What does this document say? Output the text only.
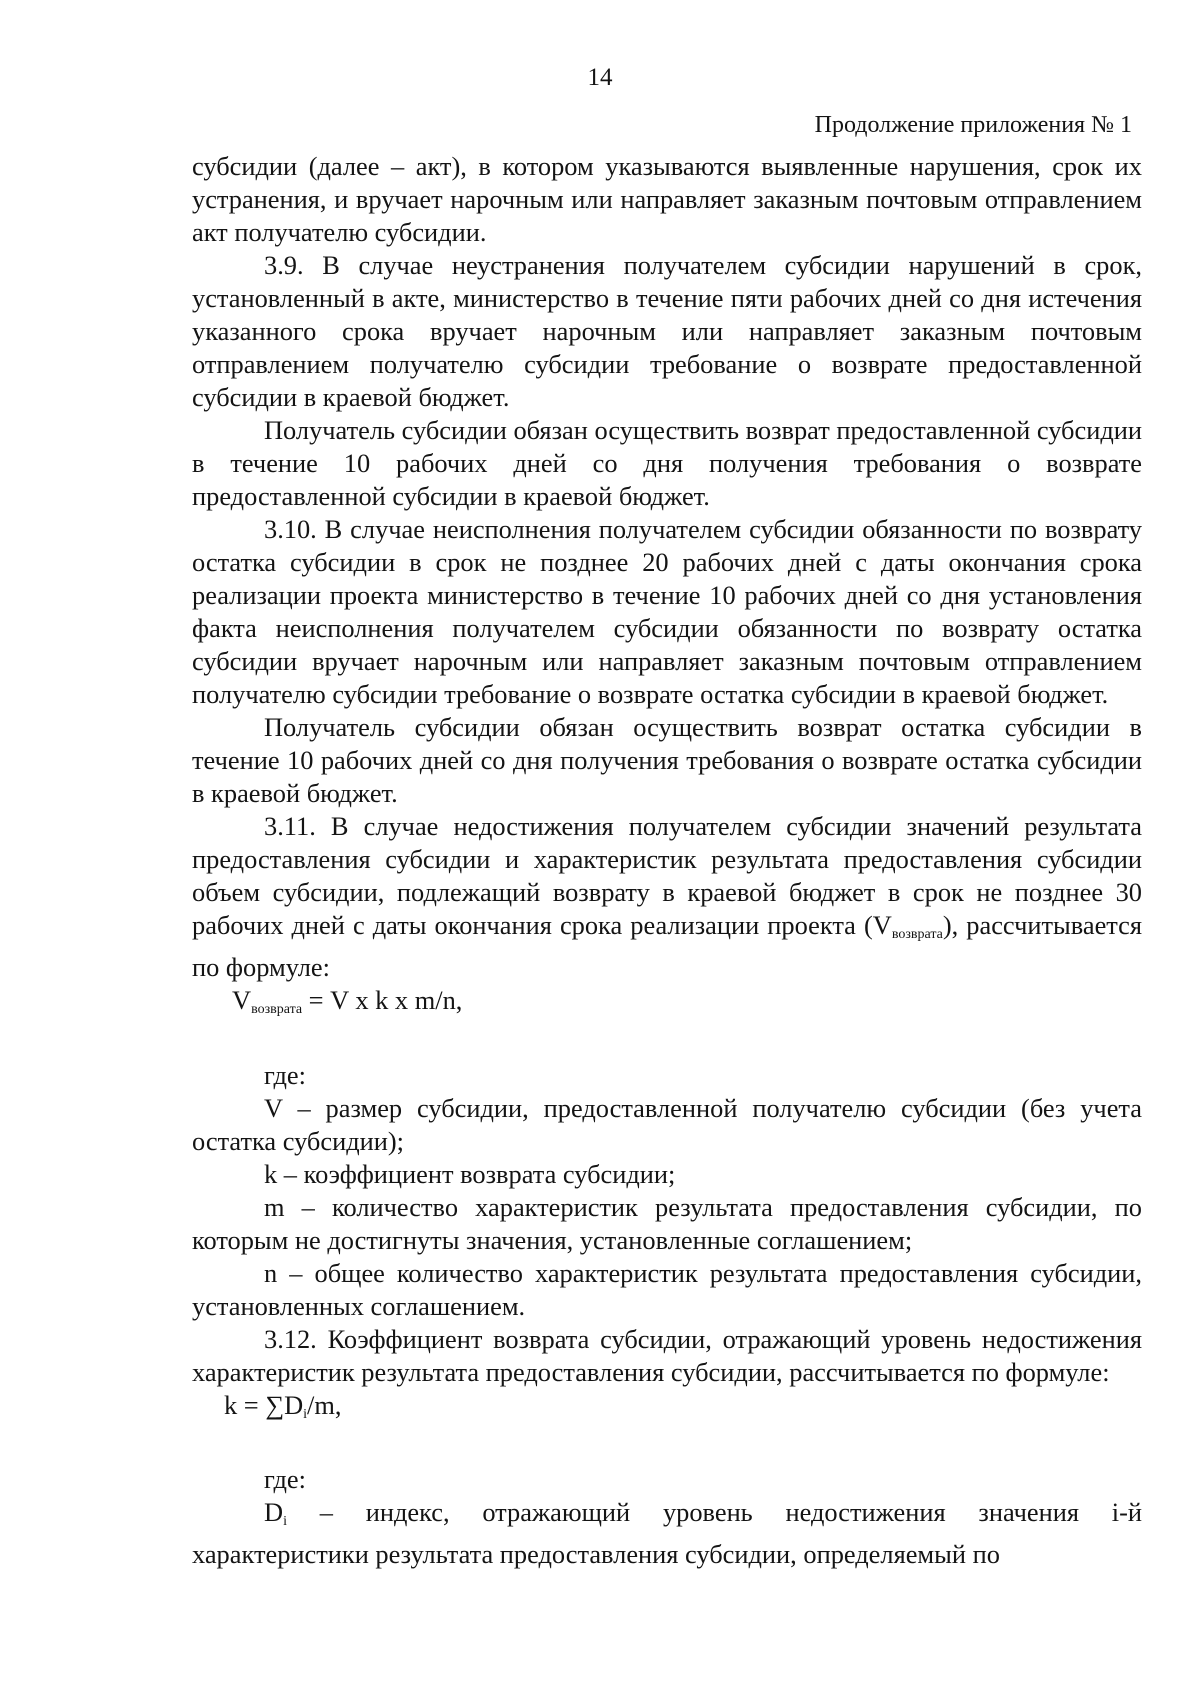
14
Продолжение приложения № 1

субсидии (далее – акт), в котором указываются выявленные нарушения, срок их устранения, и вручает нарочным или направляет заказным почтовым отправлением акт получателю субсидии.

3.9. В случае неустранения получателем субсидии нарушений в срок, установленный в акте, министерство в течение пяти рабочих дней со дня истечения указанного срока вручает нарочным или направляет заказным почтовым отправлением получателю субсидии требование о возврате предоставленной субсидии в краевой бюджет.

Получатель субсидии обязан осуществить возврат предоставленной субсидии в течение 10 рабочих дней со дня получения требования о возврате предоставленной субсидии в краевой бюджет.

3.10. В случае неисполнения получателем субсидии обязанности по возврату остатка субсидии в срок не позднее 20 рабочих дней с даты окончания срока реализации проекта министерство в течение 10 рабочих дней со дня установления факта неисполнения получателем субсидии обязанности по возврату остатка субсидии вручает нарочным или направляет заказным почтовым отправлением получателю субсидии требование о возврате остатка субсидии в краевой бюджет.

Получатель субсидии обязан осуществить возврат остатка субсидии в течение 10 рабочих дней со дня получения требования о возврате остатка субсидии в краевой бюджет.

3.11. В случае недостижения получателем субсидии значений результата предоставления субсидии и характеристик результата предоставления субсидии объем субсидии, подлежащий возврату в краевой бюджет в срок не позднее 30 рабочих дней с даты окончания срока реализации проекта $(V_{возврата})$, рассчитывается по формуле:

$V_{возврата} = V$ x k x m/n,

где:

V – размер субсидии, предоставленной получателю субсидии (без учета остатка субсидии);

k – коэффициент возврата субсидии;

m – количество характеристик результата предоставления субсидии, по которым не достигнуты значения, установленные соглашением;

n – общее количество характеристик результата предоставления субсидии, установленных соглашением.

3.12. Коэффициент возврата субсидии, отражающий уровень недостижения характеристик результата предоставления субсидии, рассчитывается по формуле:

$k = \sum D_i/m$,

где:

$D_i$ – индекс, отражающий уровень недостижения значения i-й характеристики результата предоставления субсидии, определяемый по
